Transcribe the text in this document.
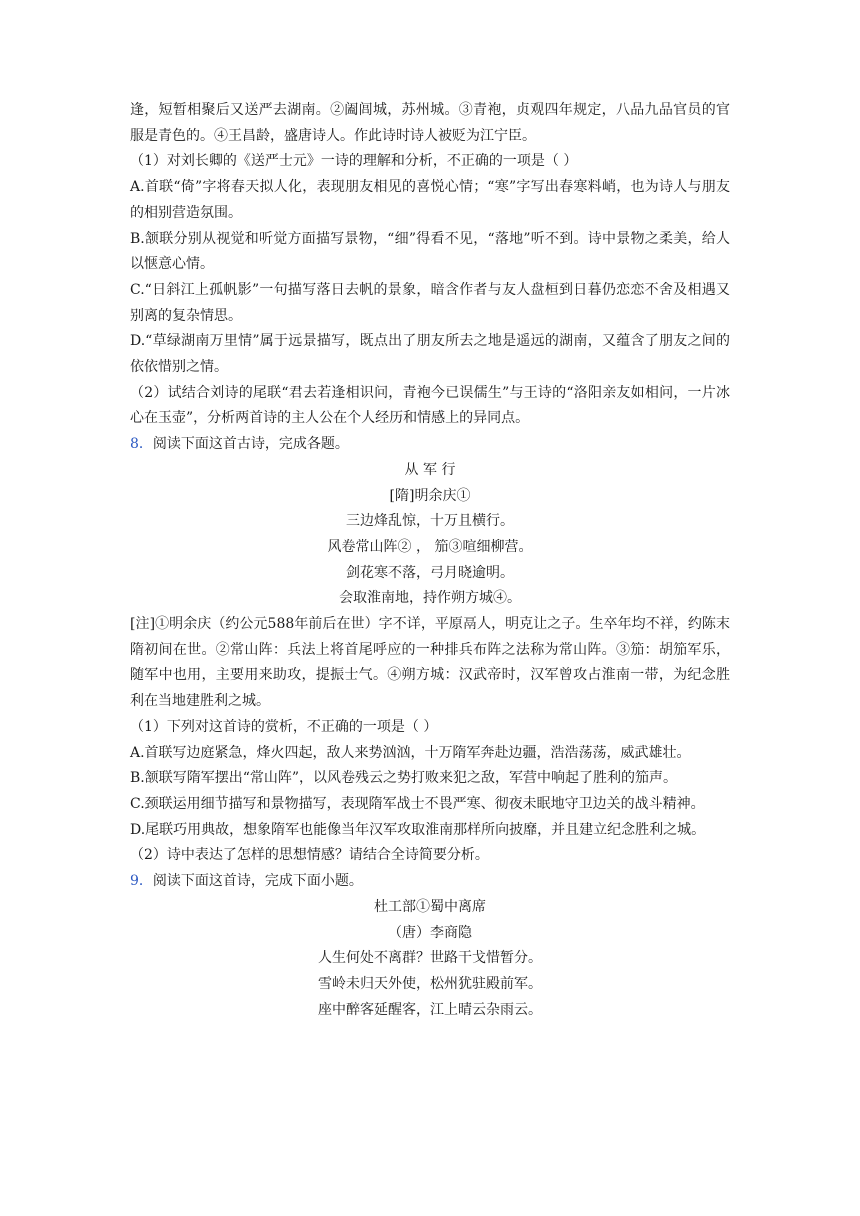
逢，短暂相聚后又送严去湖南。②阖闾城，苏州城。③青袍，贞观四年规定，八品九品官员的官服是青色的。④王昌龄，盛唐诗人。作此诗时诗人被贬为江宁臣。

（1）对刘长卿的《送严士元》一诗的理解和分析，不正确的一项是（ ）

A.首联“倚”字将春天拟人化，表现朋友相见的喜悦心情；“寒”字写出春寒料峭，也为诗人与朋友的相别营造氛围。

B.颔联分别从视觉和听觉方面描写景物，“细”得看不见，“落地”听不到。诗中景物之柔美，给人以惬意心情。

C.“日斜江上孤帆影”一句描写落日去帆的景象，暗含作者与友人盘桓到日暮仍恋恋不舍及相遇又别离的复杂情思。

D.“草绿湖南万里情”属于远景描写，既点出了朋友所去之地是遥远的湖南，又蕴含了朋友之间的依依惜别之情。

（2）试结合刘诗的尾联“君去若逢相识问，青袍今已误儒生”与王诗的“洛阳亲友如相问，一片冰心在玉壶”，分析两首诗的主人公在个人经历和情感上的异同点。

8．阅读下面这首古诗，完成各题。

从 军 行

[隋]明余庆①

三边烽乱惊，十万且横行。

风卷常山阵② ， 笳③喧细柳营。

剑花寒不落，弓月晓逾明。

会取淮南地，持作朔方城④。

[注]①明余庆（约公元588年前后在世）字不详，平原鬲人，明克让之子。生卒年均不祥，约陈末隋初间在世。②常山阵：兵法上将首尾呼应的一种排兵布阵之法称为常山阵。③笳：胡笳军乐，随军中也用，主要用来助攻，提振士气。④朔方城：汉武帝时，汉军曾攻占淮南一带，为纪念胜利在当地建胜利之城。

（1）下列对这首诗的赏析，不正确的一项是（ ）

A.首联写边庭紧急，烽火四起，敌人来势汹汹，十万隋军奔赴边疆，浩浩荡荡，威武雄壮。

B.颔联写隋军摆出“常山阵”，以风卷残云之势打败来犯之敌，军营中响起了胜利的笳声。

C.颈联运用细节描写和景物描写，表现隋军战士不畏严寒、彻夜未眠地守卫边关的战斗精神。

D.尾联巧用典故，想象隋军也能像当年汉军攻取淮南那样所向披靡，并且建立纪念胜利之城。

（2）诗中表达了怎样的思想情感？请结合全诗简要分析。

9．阅读下面这首诗，完成下面小题。

杜工部①蜀中离席

（唐）李商隐

人生何处不离群？世路干戈惜暂分。

雪岭未归天外使，松州犹驻殿前军。

座中醉客延醒客，江上晴云杂雨云。
